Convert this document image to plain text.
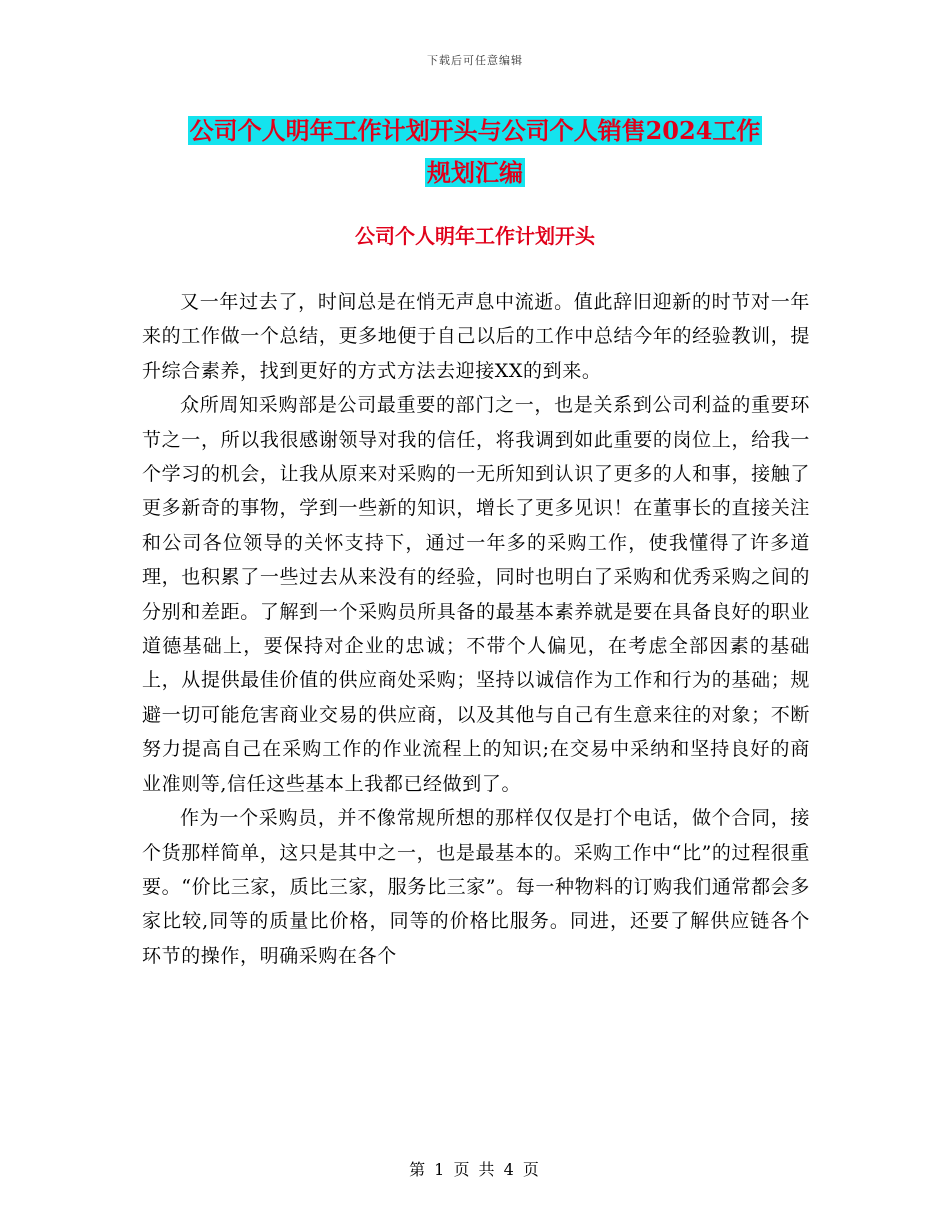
下载后可任意编辑
公司个人明年工作计划开头与公司个人销售2024工作
规划汇编
公司个人明年工作计划开头

又一年过去了，时间总是在悄无声息中流逝。值此辞旧迎新的时节对一年来的工作做一个总结，更多地便于自己以后的工作中总结今年的经验教训，提升综合素养，找到更好的方式方法去迎接XX的到来。

众所周知采购部是公司最重要的部门之一，也是关系到公司利益的重要环节之一，所以我很感谢领导对我的信任，将我调到如此重要的岗位上，给我一个学习的机会，让我从原来对采购的一无所知到认识了更多的人和事，接触了更多新奇的事物，学到一些新的知识，增长了更多见识！在董事长的直接关注和公司各位领导的关怀支持下，通过一年多的采购工作，使我懂得了许多道理，也积累了一些过去从来没有的经验，同时也明白了采购和优秀采购之间的分别和差距。了解到一个采购员所具备的最基本素养就是要在具备良好的职业道德基础上，要保持对企业的忠诚；不带个人偏见，在考虑全部因素的基础上，从提供最佳价值的供应商处采购；坚持以诚信作为工作和行为的基础；规避一切可能危害商业交易的供应商，以及其他与自己有生意来往的对象；不断努力提高自己在采购工作的作业流程上的知识;在交易中采纳和坚持良好的商业准则等,信任这些基本上我都已经做到了。

作为一个采购员，并不像常规所想的那样仅仅是打个电话，做个合同，接个货那样简单，这只是其中之一，也是最基本的。采购工作中“比”的过程很重要。“价比三家，质比三家，服务比三家”。每一种物料的订购我们通常都会多家比较,同等的质量比价格，同等的价格比服务。同进，还要了解供应链各个环节的操作，明确采购在各个

第 1 页 共 4 页
